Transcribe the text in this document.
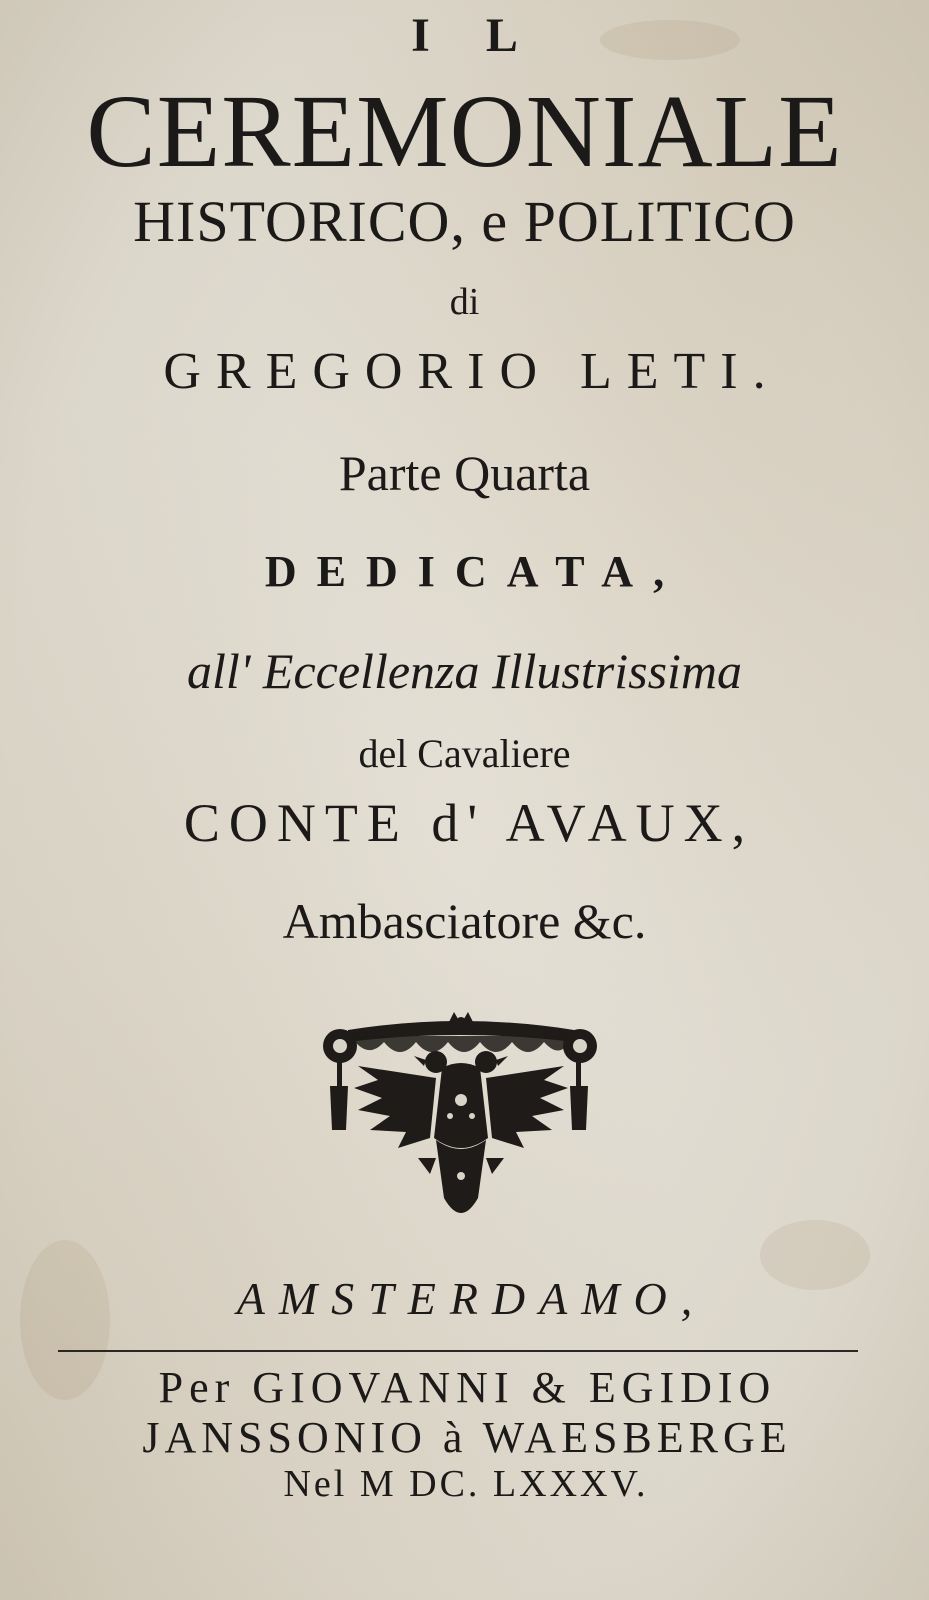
I L
CEREMONIALE
HISTORICO, e POLITICO
di
GREGORIO LETI.
Parte Quarta
DEDICATA,
all' Eccellenza Illustrissima
del Cavaliere
CONTE d' AVAUX,
Ambasciatore &c.
AMSTERDAMO,
Per GIOVANNI & EGIDIO
JANSSONIO à WAESBERGE
Nel M DC. LXXXV.
